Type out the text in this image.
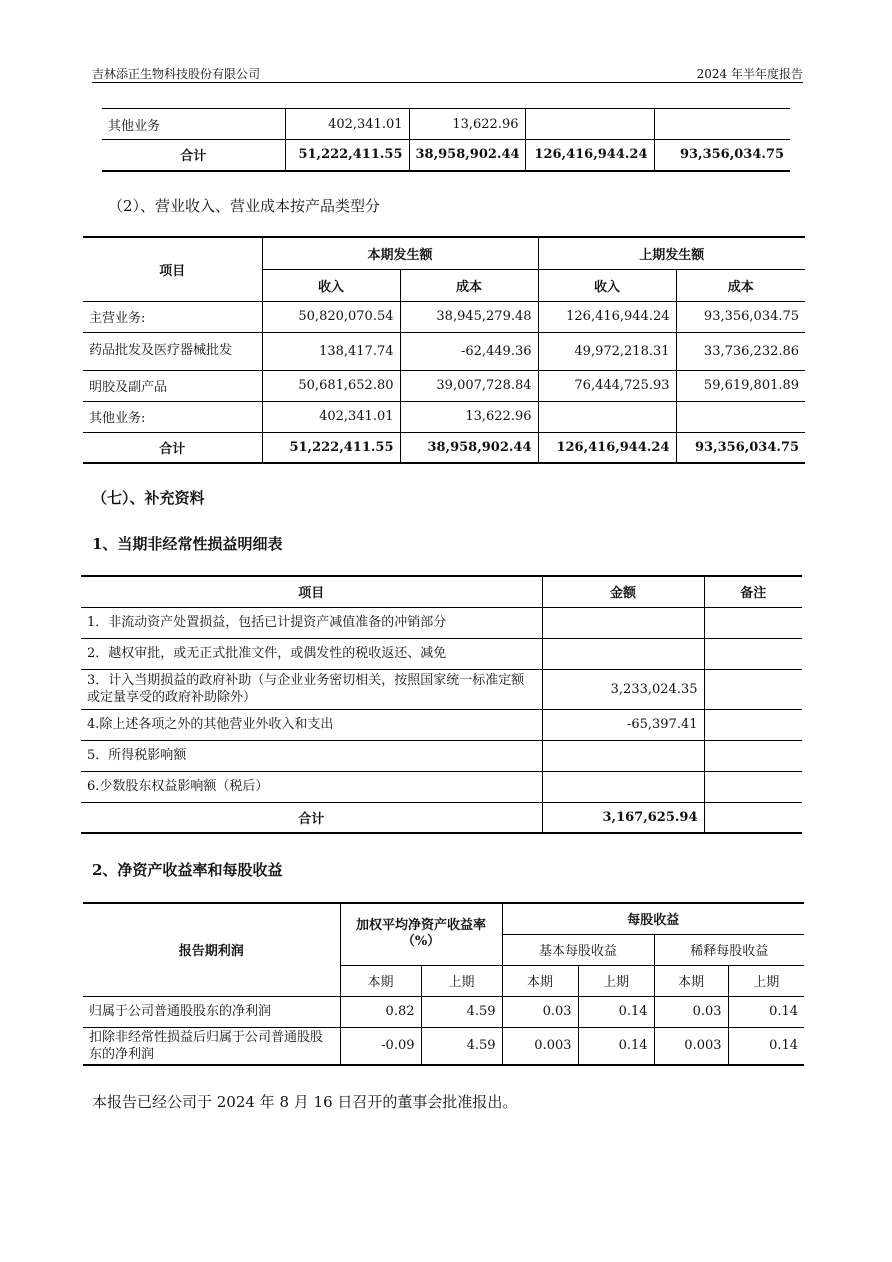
吉林添正生物科技股份有限公司	2024 年半年度报告
其他业务	402,341.01	13,622.96		
合计	51,222,411.55	38,958,902.44	126,416,944.24	93,356,034.75
（2）、营业收入、营业成本按产品类型分
项目	本期发生额		上期发生额	
	收入	成本	收入	成本
主营业务:	50,820,070.54	38,945,279.48	126,416,944.24	93,356,034.75
药品批发及医疗器械批发	138,417.74	-62,449.36	49,972,218.31	33,736,232.86
明胶及副产品	50,681,652.80	39,007,728.84	76,444,725.93	59,619,801.89
其他业务:	402,341.01	13,622.96		
合计	51,222,411.55	38,958,902.44	126,416,944.24	93,356,034.75
（七）、补充资料
1、当期非经常性损益明细表
项目	金额	备注
1．非流动资产处置损益，包括已计提资产减值准备的冲销部分		
2．越权审批，或无正式批准文件，或偶发性的税收返还、减免		
3．计入当期损益的政府补助（与企业业务密切相关，按照国家统一标准定额或定量享受的政府补助除外）	3,233,024.35	
4.除上述各项之外的其他营业外收入和支出	-65,397.41	
5．所得税影响额		
6.少数股东权益影响额（税后）		
合计	3,167,625.94	
2、净资产收益率和每股收益
报告期利润	加权平均净资产收益率（%）		每股收益			
			基本每股收益		稀释每股收益	
	本期	上期	本期	上期	本期	上期
归属于公司普通股股东的净利润	0.82	4.59	0.03	0.14	0.03	0.14
扣除非经常性损益后归属于公司普通股股东的净利润	-0.09	4.59	0.003	0.14	0.003	0.14
本报告已经公司于 2024 年 8 月 16 日召开的董事会批准报出。
